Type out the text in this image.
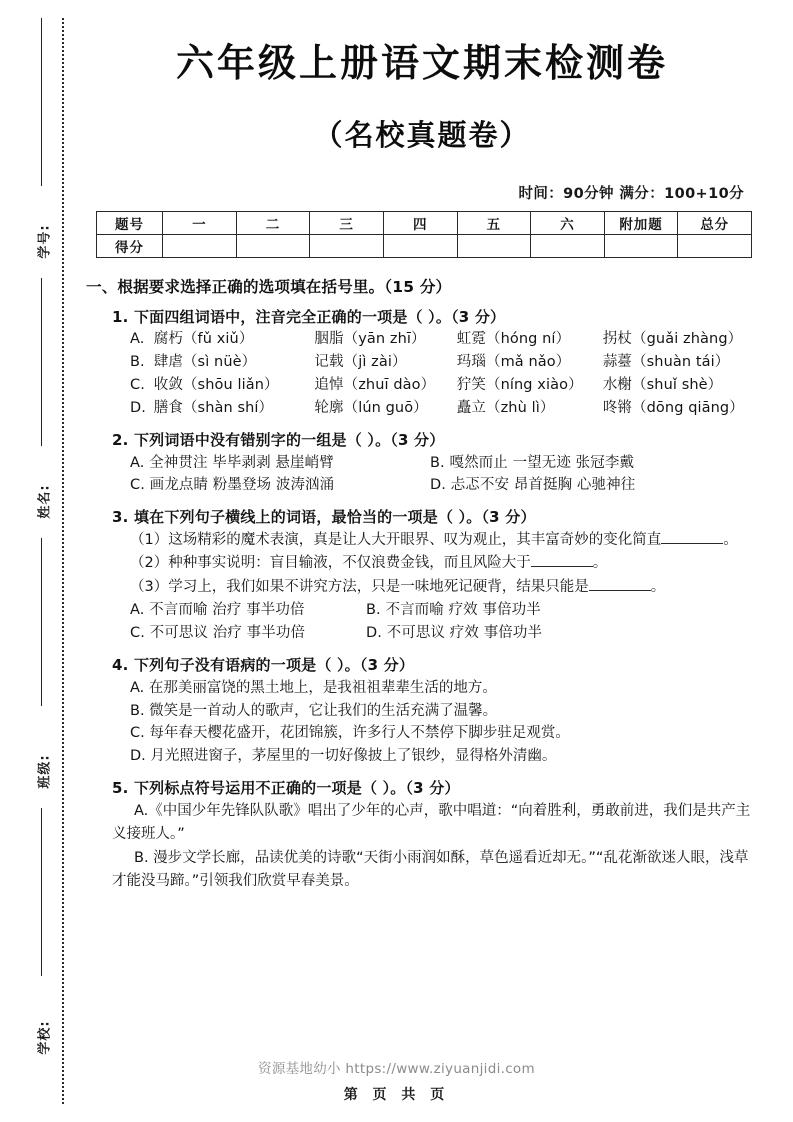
学号:
姓名:
班级:
学校:
六年级上册语文期末检测卷
（名校真题卷）
时间：90分钟 满分：100+10分
题号	一	二	三	四	五	六	附加题	总分
得分								
一、根据要求选择正确的选项填在括号里。（15 分）
1. 下面四组词语中，注音完全正确的一项是（ ）。（3 分）
A. 腐朽（fǔ xiǔ）	胭脂（yān zhī）	虹霓（hóng ní）	拐杖（guǎi zhàng）
B. 肆虐（sì nüè）	记载（jì zài）	玛瑙（mǎ nǎo）	蒜薹（shuàn tái）
C. 收敛（shōu liǎn）	追悼（zhuī dào）	狞笑（níng xiào）	水榭（shuǐ shè）
D. 膳食（shàn shí）	轮廓（lún guō）	矗立（zhù lì）	咚锵（dōng qiāng）
2. 下列词语中没有错别字的一组是（ ）。（3 分）
A. 全神贯注 毕毕剥剥 悬崖峭臂	B. 嘎然而止 一望无迹 张冠李戴
C. 画龙点睛 粉墨登场 波涛汹涌	D. 忐忑不安 昂首挺胸 心驰神往
3. 填在下列句子横线上的词语，最恰当的一项是（ ）。（3 分）
（1）这场精彩的魔术表演，真是让人大开眼界、叹为观止，其丰富奇妙的变化简直	。
（2）种种事实说明：盲目输液，不仅浪费金钱，而且风险大于	。
（3）学习上，我们如果不讲究方法，只是一味地死记硬背，结果只能是	。
A. 不言而喻 治疗 事半功倍	B. 不言而喻 疗效 事倍功半
C. 不可思议 治疗 事半功倍	D. 不可思议 疗效 事倍功半
4. 下列句子没有语病的一项是（ ）。（3 分）
A. 在那美丽富饶的黑土地上，是我祖祖辈辈生活的地方。
B. 微笑是一首动人的歌声，它让我们的生活充满了温馨。
C. 每年春天樱花盛开，花团锦簇，许多行人不禁停下脚步驻足观赏。
D. 月光照进窗子，茅屋里的一切好像披上了银纱，显得格外清幽。
5. 下列标点符号运用不正确的一项是（ ）。（3 分）
A.《中国少年先锋队队歌》唱出了少年的心声，歌中唱道：“向着胜利，勇敢前进，我们是共产主义接班人。”
B. 漫步文学长廊，品读优美的诗歌“天街小雨润如酥，草色遥看近却无。”“乱花渐欲迷人眼，浅草才能没马蹄。”引领我们欣赏早春美景。
资源基地幼小 https://www.ziyuanjidi.com
第 页 共 页
